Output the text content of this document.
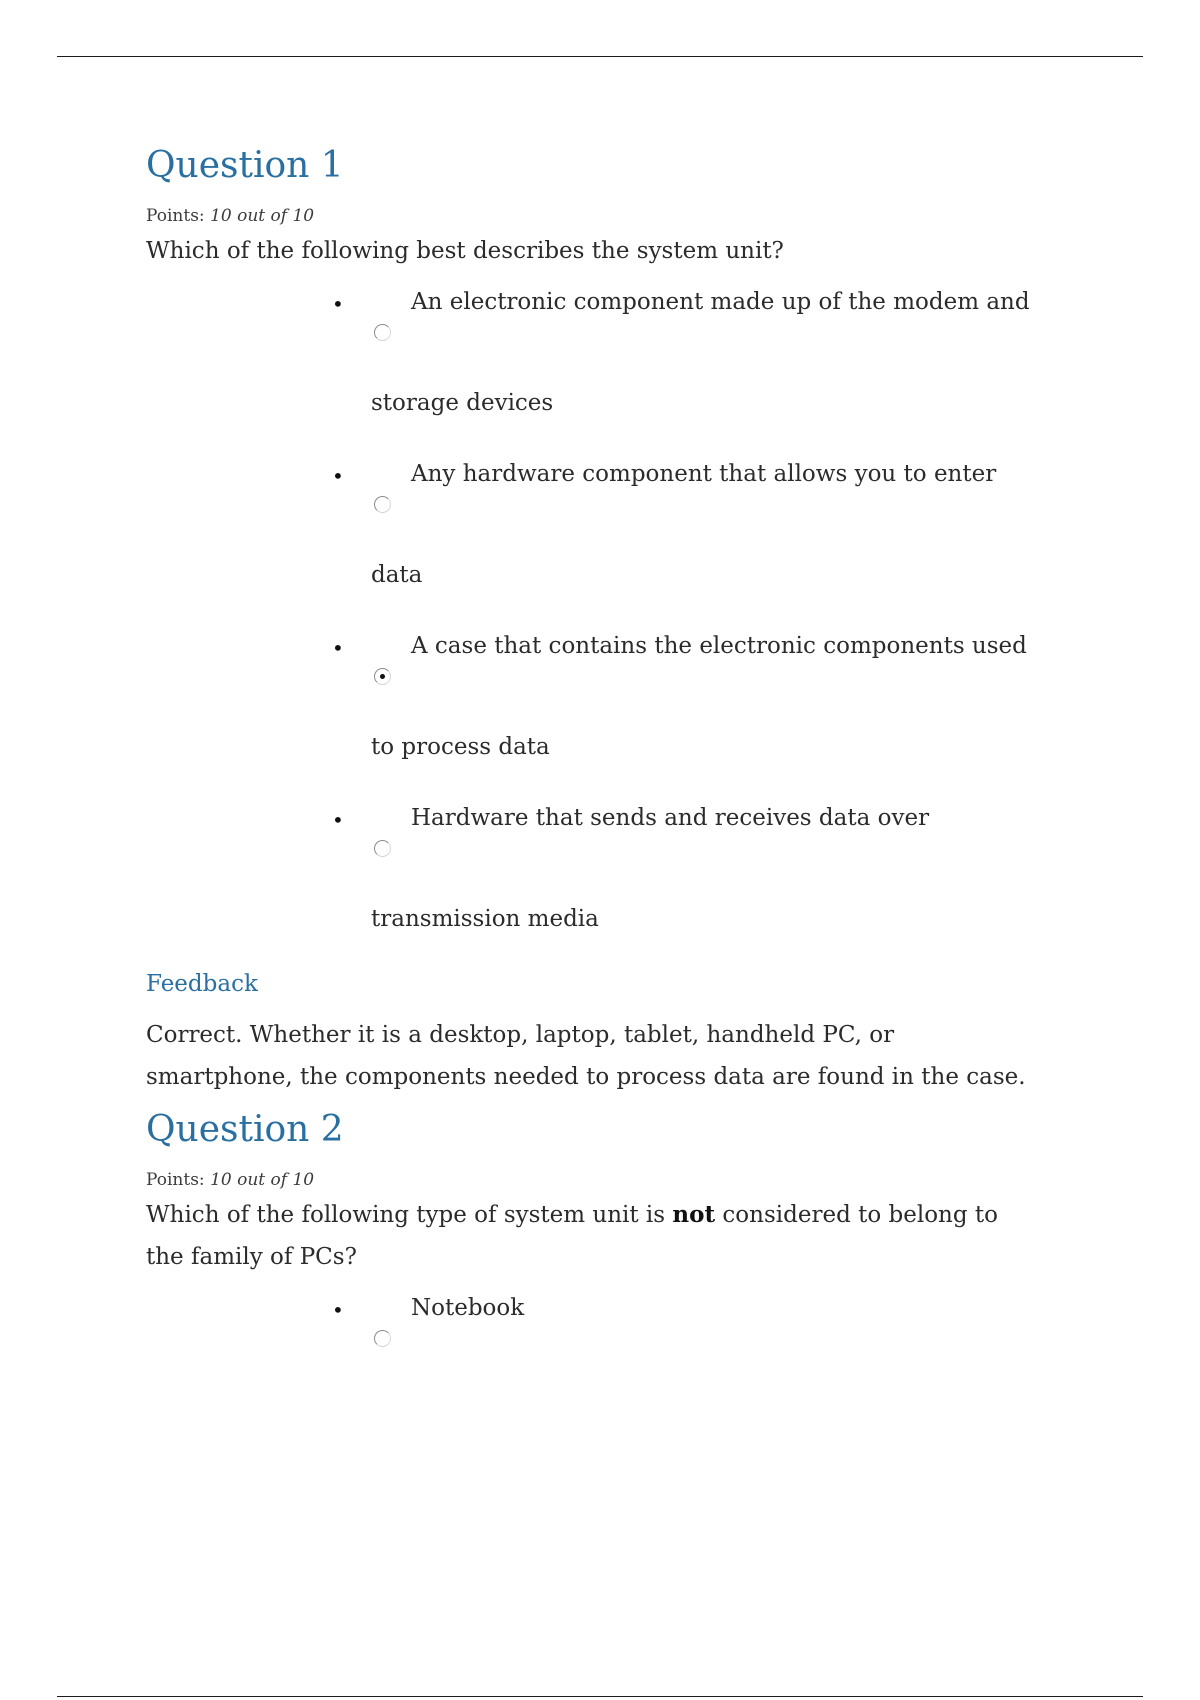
Question 1
Points: 10 out of 10
Which of the following best describes the system unit?
•	An electronic component made up of the modem and
storage devices
•	Any hardware component that allows you to enter
data
•	A case that contains the electronic components used
to process data
•	Hardware that sends and receives data over
transmission media
Feedback
Correct. Whether it is a desktop, laptop, tablet, handheld PC, or
smartphone, the components needed to process data are found in the case.
Question 2
Points: 10 out of 10
Which of the following type of system unit is not considered to belong to
the family of PCs?
•	Notebook
